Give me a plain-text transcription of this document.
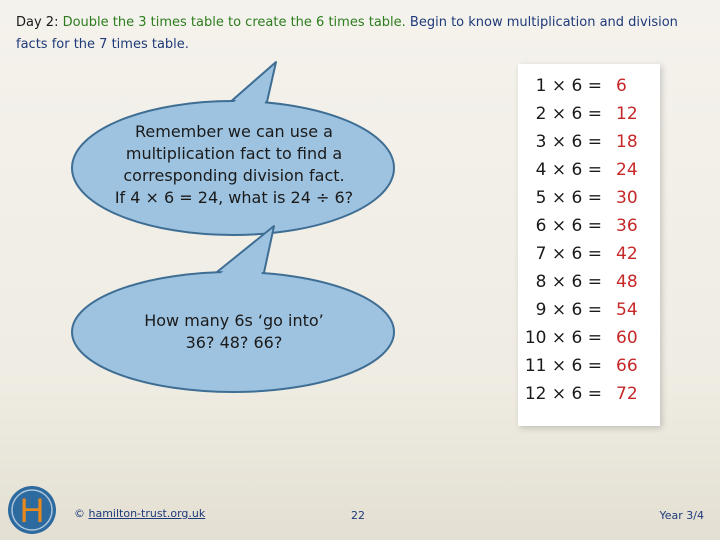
Day 2: Double the 3 times table to create the 6 times table. Begin to know multiplication and division facts for the 7 times table.
Remember we can use a
multiplication fact to find a
corresponding division fact.
If 4 × 6 = 24, what is 24 ÷ 6?
How many 6s ‘go into’
36? 48? 66?
1 × 6 = 6
2 × 6 = 12
3 × 6 = 18
4 × 6 = 24
5 × 6 = 30
6 × 6 = 36
7 × 6 = 42
8 × 6 = 48
9 × 6 = 54
10 × 6 = 60
11 × 6 = 66
12 × 6 = 72
H	© hamilton-trust.org.uk	22	Year 3/4
